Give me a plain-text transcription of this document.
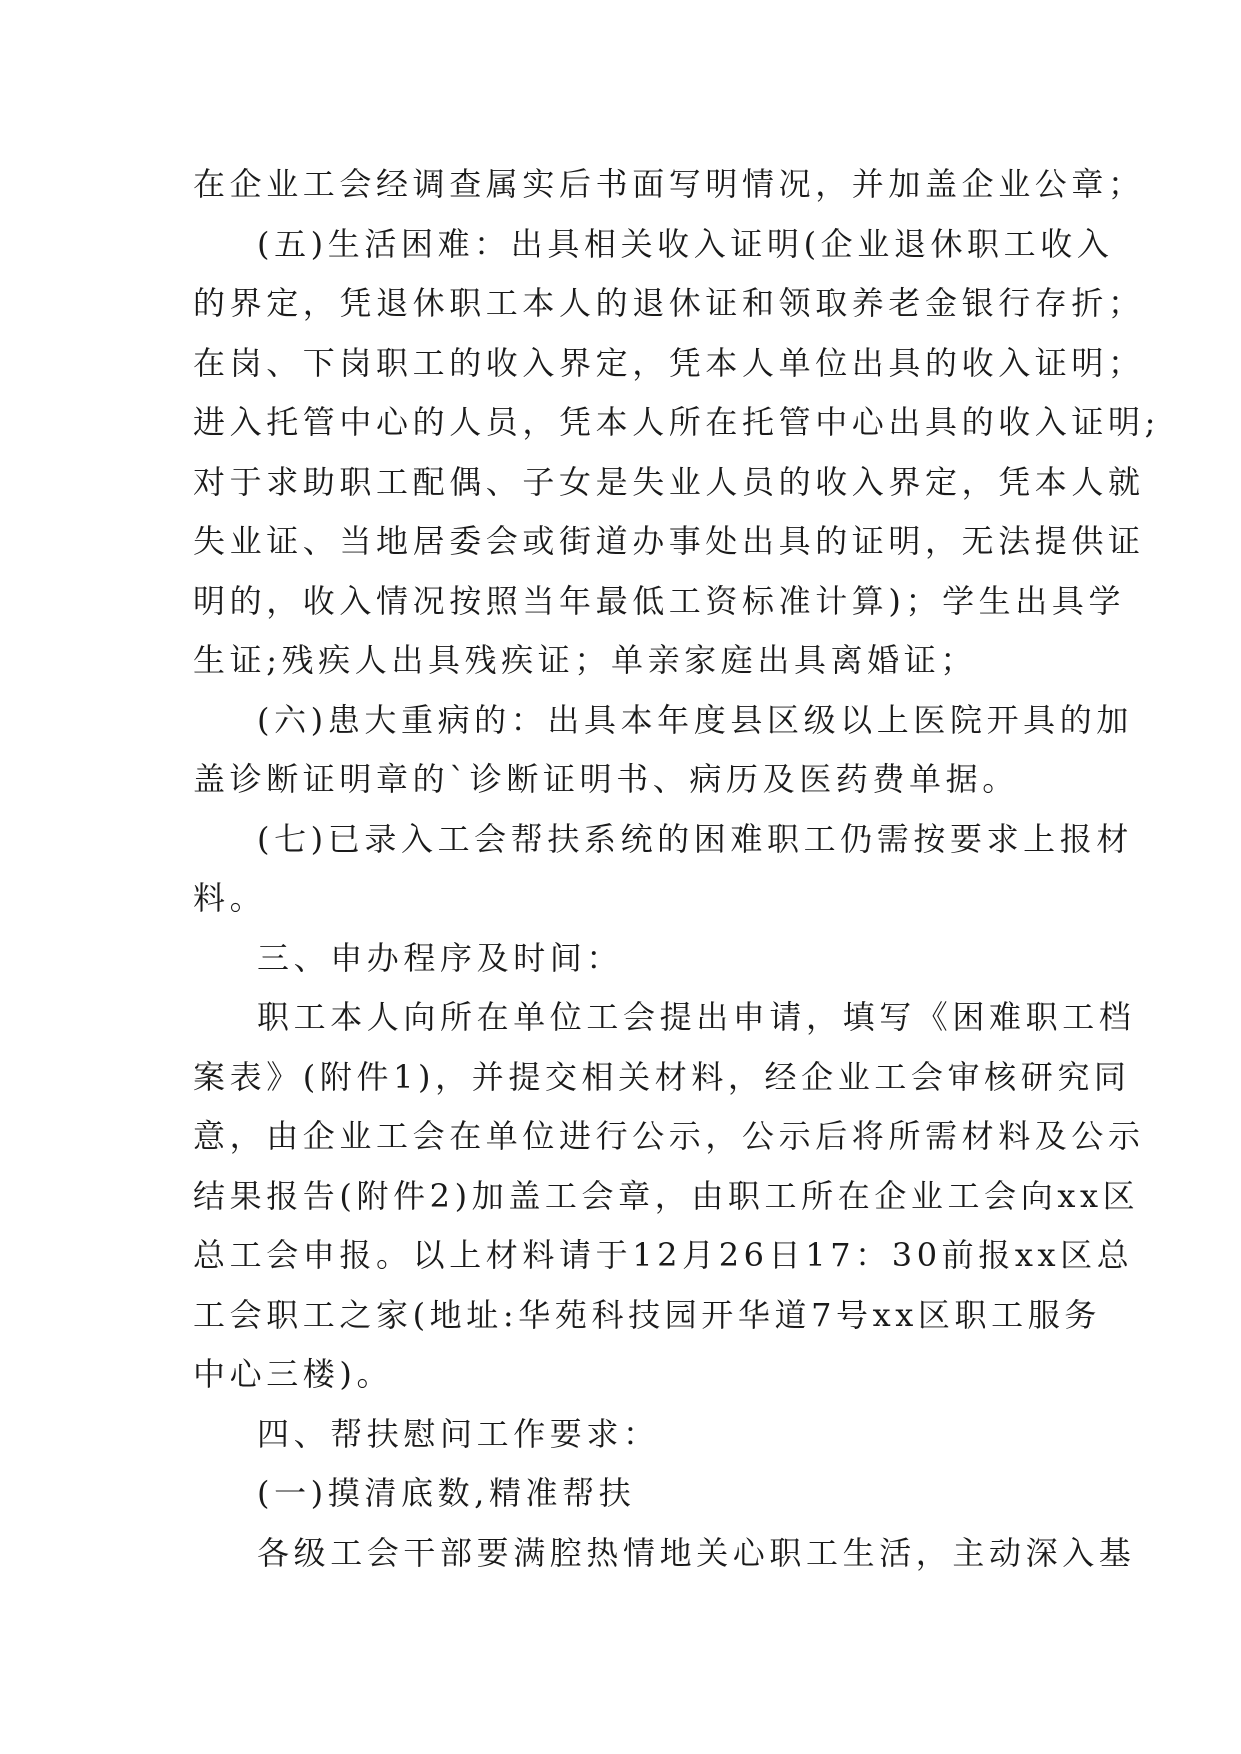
在企业工会经调查属实后书面写明情况，并加盖企业公章；
(五)生活困难：出具相关收入证明(企业退休职工收入
的界定，凭退休职工本人的退休证和领取养老金银行存折；
在岗、下岗职工的收入界定，凭本人单位出具的收入证明；
进入托管中心的人员，凭本人所在托管中心出具的收入证明;
对于求助职工配偶、子女是失业人员的收入界定，凭本人就
失业证、当地居委会或街道办事处出具的证明，无法提供证
明的，收入情况按照当年最低工资标准计算)；学生出具学
生证;残疾人出具残疾证；单亲家庭出具离婚证；
(六)患大重病的：出具本年度县区级以上医院开具的加
盖诊断证明章的`诊断证明书、病历及医药费单据。
(七)已录入工会帮扶系统的困难职工仍需按要求上报材
料。
三、申办程序及时间：
职工本人向所在单位工会提出申请，填写《困难职工档
案表》(附件1)，并提交相关材料，经企业工会审核研究同
意，由企业工会在单位进行公示，公示后将所需材料及公示
结果报告(附件2)加盖工会章，由职工所在企业工会向xx区
总工会申报。以上材料请于12月26日17：30前报xx区总
工会职工之家(地址:华苑科技园开华道7号xx区职工服务
中心三楼)。
四、帮扶慰问工作要求：
(一)摸清底数,精准帮扶
各级工会干部要满腔热情地关心职工生活，主动深入基
